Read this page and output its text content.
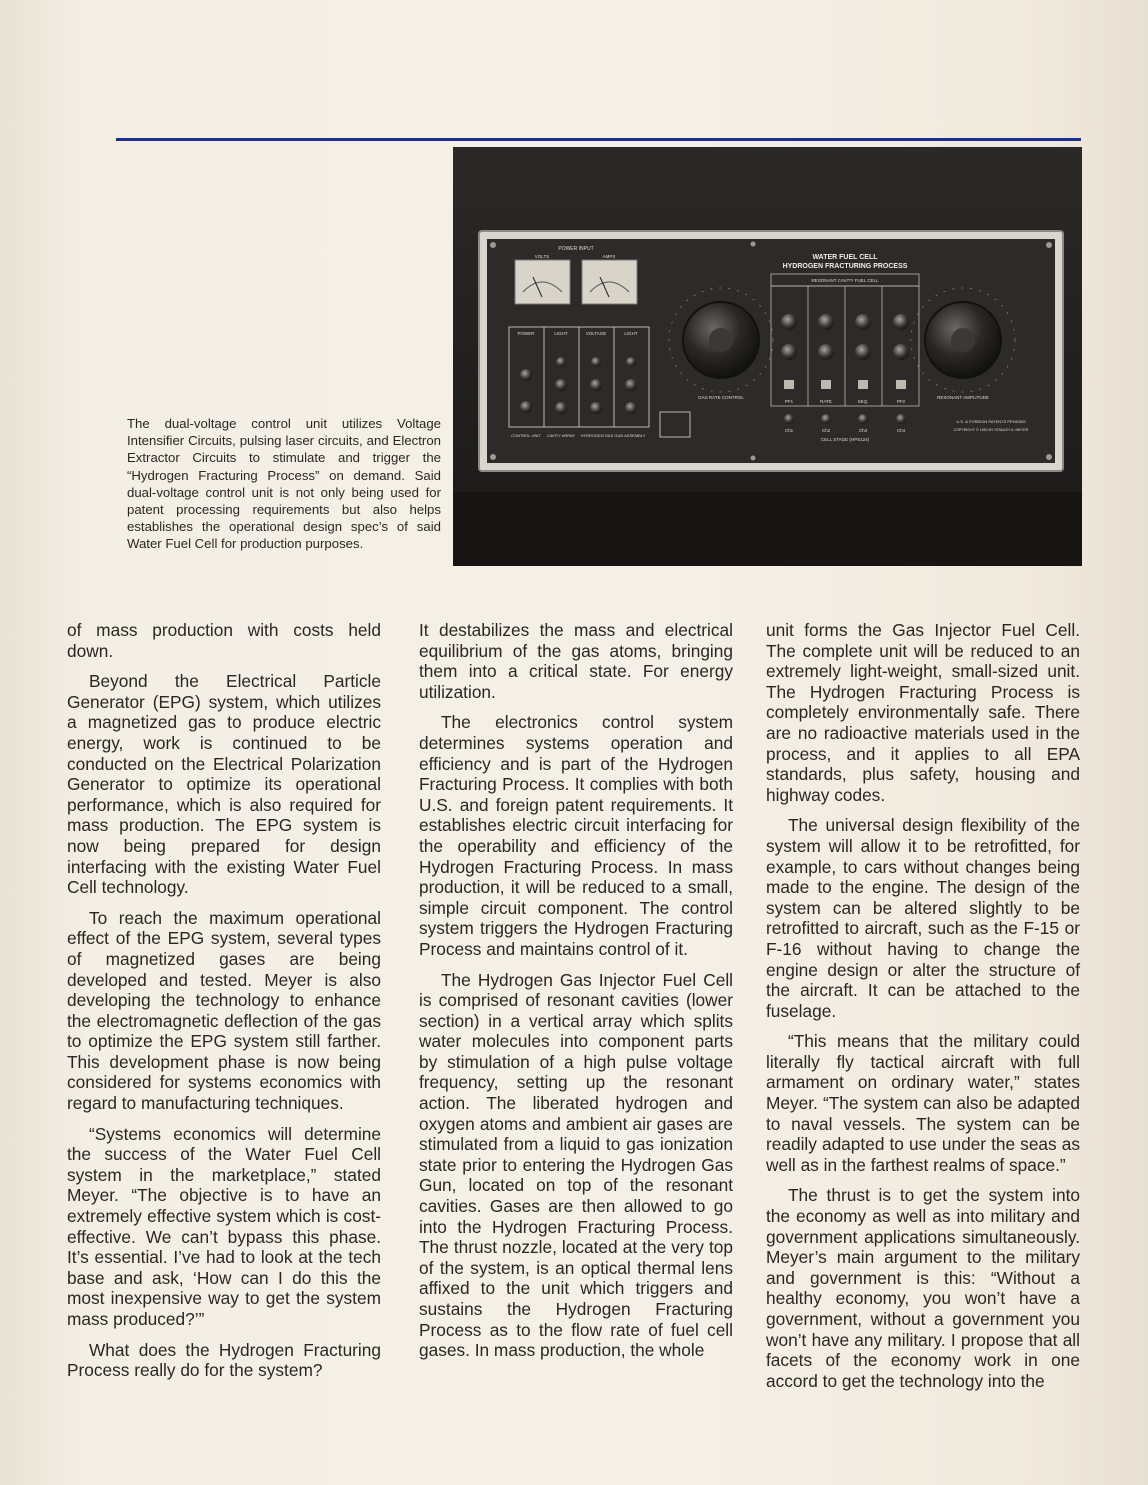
POWER INPUT
VOLTS	AMPS
POWER	LIGHT	VOLTAGE	LIGHT
CONTROL UNIT CAVITY ARRAY HYDROGEN GAS GUN ASSEMBLY
GAS RATE CONTROL	RESONANT AMPLITUDE
WATER FUEL CELL
HYDROGEN FRACTURING PROCESS
RESONANT CAVITY FUEL CELL
PF1	RATE	SEQ.	PF2
Ch1	Ch2	Ch3	Ch4
CELL STAGE (HPS124)
U.S. & FOREIGN PATENTS PENDING
COPYRIGHT © 1983 BY STANLEY A. MEYER
The dual-voltage control unit utilizes Voltage Intensifier Circuits, pulsing laser circuits, and Electron Extractor Circuits to stimulate and trigger the “Hydrogen Fracturing Process” on demand. Said dual-voltage control unit is not only being used for patent processing requirements but also helps establishes the operational design spec’s of said Water Fuel Cell for production purposes.

of mass production with costs held down.

Beyond the Electrical Particle Generator (EPG) system, which utilizes a magnetized gas to produce electric energy, work is continued to be conducted on the Electrical Polarization Generator to optimize its operational performance, which is also required for mass production. The EPG system is now being prepared for design interfacing with the existing Water Fuel Cell technology.

To reach the maximum operational effect of the EPG system, several types of magnetized gases are being developed and tested. Meyer is also developing the technology to enhance the electromagnetic deflection of the gas to optimize the EPG system still farther. This development phase is now being considered for systems economics with regard to manufacturing techniques.

“Systems economics will determine the success of the Water Fuel Cell system in the marketplace,” stated Meyer. “The objective is to have an extremely effective system which is cost-effective. We can’t bypass this phase. It’s essential. I’ve had to look at the tech base and ask, ‘How can I do this the most inexpensive way to get the system mass produced?’”

What does the Hydrogen Fracturing Process really do for the system?

It destabilizes the mass and electrical equilibrium of the gas atoms, bringing them into a critical state. For energy utilization.

The electronics control system determines systems operation and efficiency and is part of the Hydrogen Fracturing Process. It complies with both U.S. and foreign patent requirements. It establishes electric circuit interfacing for the operability and efficiency of the Hydrogen Fracturing Process. In mass production, it will be reduced to a small, simple circuit component. The control system triggers the Hydrogen Fracturing Process and maintains control of it.

The Hydrogen Gas Injector Fuel Cell is comprised of resonant cavities (lower section) in a vertical array which splits water molecules into component parts by stimulation of a high pulse voltage frequency, setting up the resonant action. The liberated hydrogen and oxygen atoms and ambient air gases are stimulated from a liquid to gas ionization state prior to entering the Hydrogen Gas Gun, located on top of the resonant cavities. Gases are then allowed to go into the Hydrogen Fracturing Process. The thrust nozzle, located at the very top of the system, is an optical thermal lens affixed to the unit which triggers and sustains the Hydrogen Fracturing Process as to the flow rate of fuel cell gases. In mass production, the whole

unit forms the Gas Injector Fuel Cell. The complete unit will be reduced to an extremely light-weight, small-sized unit. The Hydrogen Fracturing Process is completely environmentally safe. There are no radioactive materials used in the process, and it applies to all EPA standards, plus safety, housing and highway codes.

The universal design flexibility of the system will allow it to be retrofitted, for example, to cars without changes being made to the engine. The design of the system can be altered slightly to be retrofitted to aircraft, such as the F-15 or F-16 without having to change the engine design or alter the structure of the aircraft. It can be attached to the fuselage.

“This means that the military could literally fly tactical aircraft with full armament on ordinary water,” states Meyer. “The system can also be adapted to naval vessels. The system can be readily adapted to use under the seas as well as in the farthest realms of space.”

The thrust is to get the system into the economy as well as into military and government applications simultaneously. Meyer’s main argument to the military and government is this: “Without a healthy economy, you won’t have a government, without a government you won’t have any military. I propose that all facets of the economy work in one accord to get the technology into the
